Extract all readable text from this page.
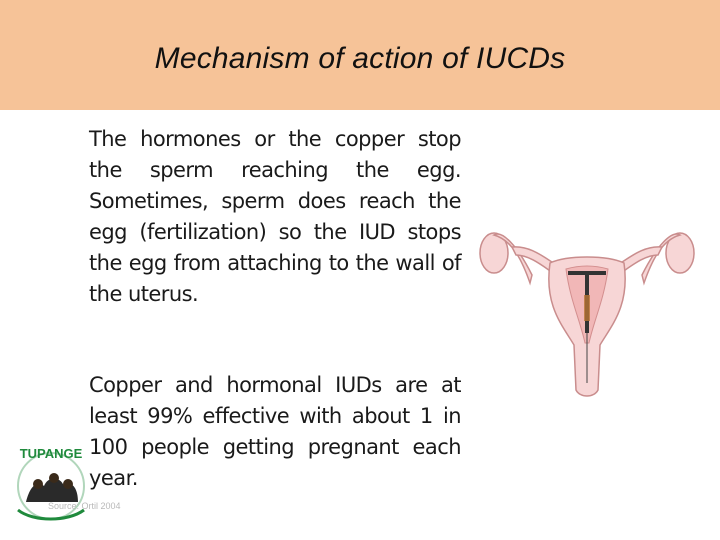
Mechanism of action of IUCDs
The hormones or the copper stop the sperm reaching the egg. Sometimes, sperm does reach the egg (fertilization) so the IUD stops the egg from attaching to the wall of the uterus.
Copper and hormonal IUDs are at least 99% effective with about 1 in 100 people getting pregnant each year.
TUPANGE
Source: Ortil 2004
